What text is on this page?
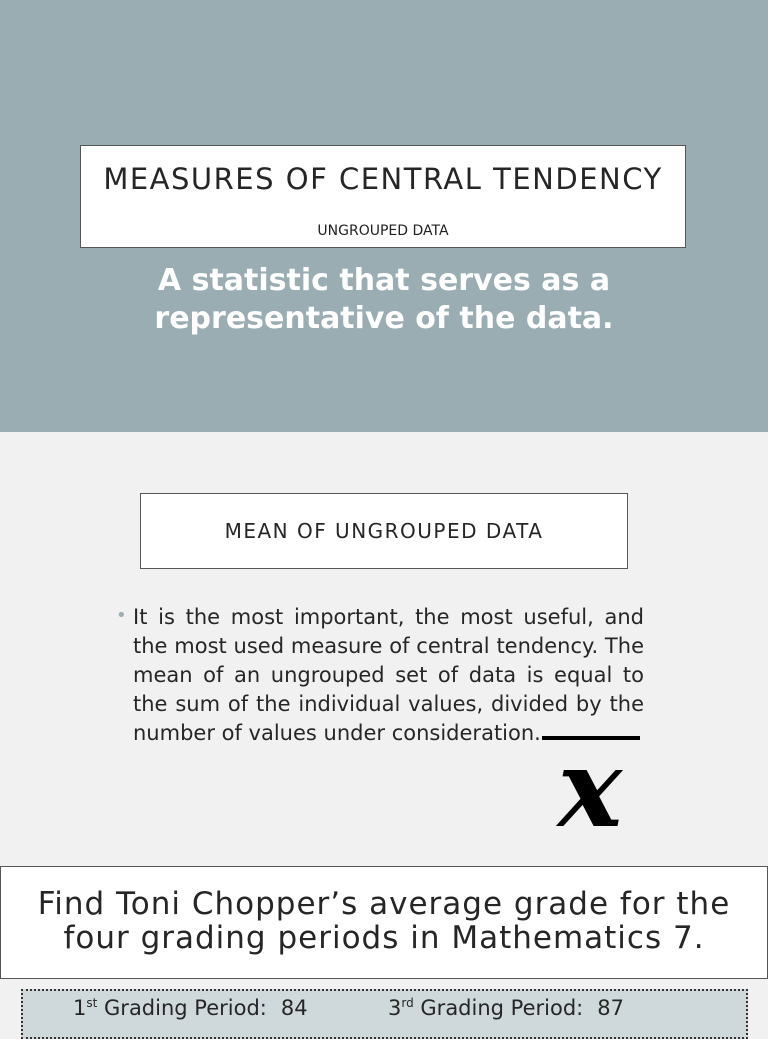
MEASURES OF CENTRAL TENDENCY
UNGROUPED DATA
A statistic that serves as a representative of the data.
MEAN OF UNGROUPED DATA
• It is the most important, the most useful, and the most used measure of central tendency. The mean of an ungrouped set of data is equal to the sum of the individual values, divided by the number of values under consideration. x
Find Toni Chopper’s average grade for the four grading periods in Mathematics 7.
1st Grading Period: 84	3rd Grading Period: 87
